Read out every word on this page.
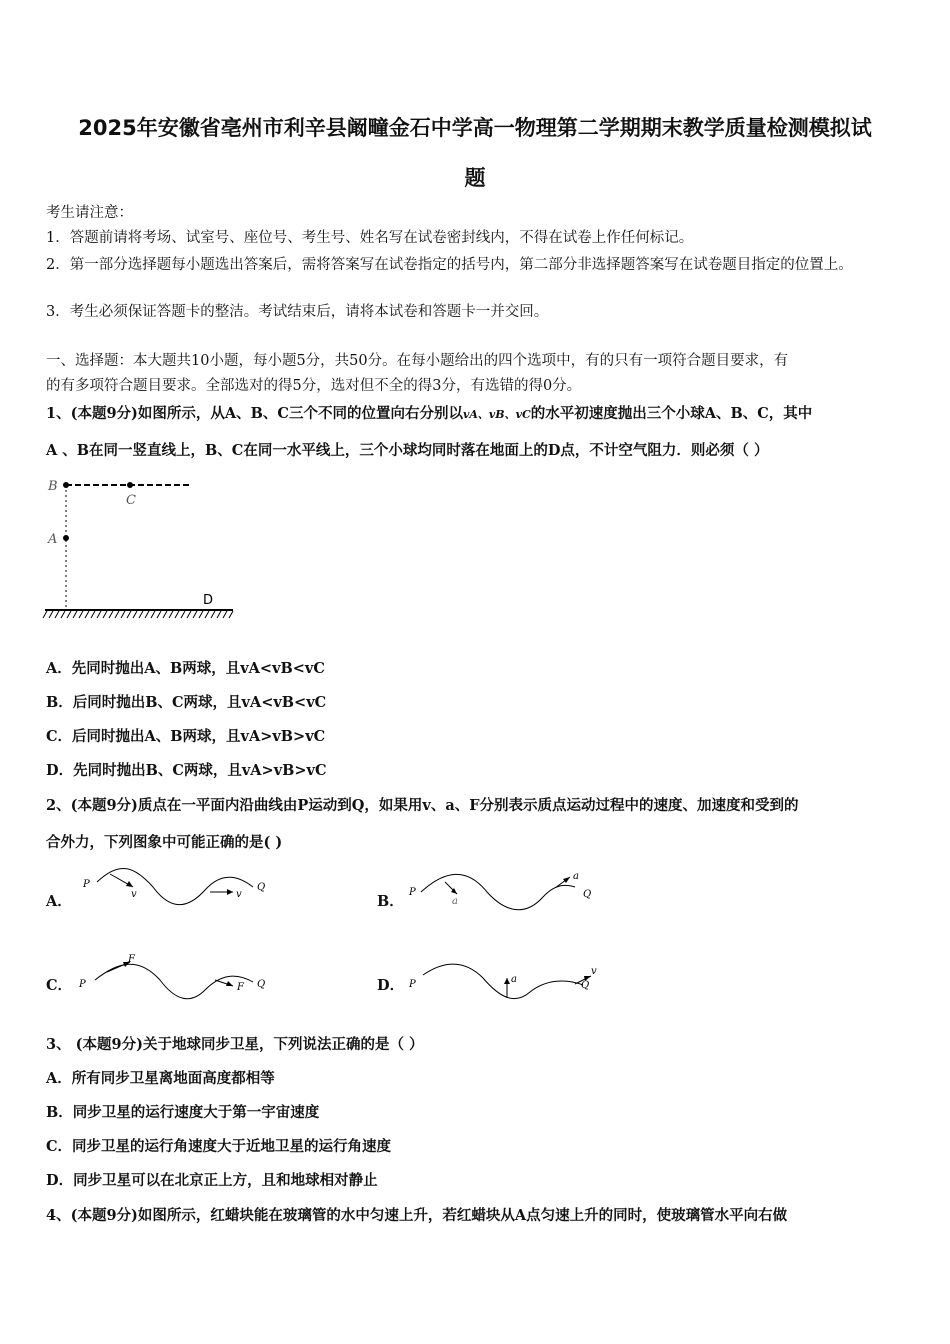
2025年安徽省亳州市利辛县阚疃金石中学高一物理第二学期期末教学质量检测模拟试
题
考生请注意：
1．答题前请将考场、试室号、座位号、考生号、姓名写在试卷密封线内，不得在试卷上作任何标记。
2．第一部分选择题每小题选出答案后，需将答案写在试卷指定的括号内，第二部分非选择题答案写在试卷题目指定的位置上。
3．考生必须保证答题卡的整洁。考试结束后，请将本试卷和答题卡一并交回。
一、选择题：本大题共10小题，每小题5分，共50分。在每小题给出的四个选项中，有的只有一项符合题目要求，有
的有多项符合题目要求。全部选对的得5分，选对但不全的得3分，有选错的得0分。
1、(本题9分)如图所示，从A、B、C三个不同的位置向右分别以vA、vB、vC的水平初速度抛出三个小球A、B、C，其中
A 、B在同一竖直线上，B、C在同一水平线上，三个小球均同时落在地面上的D点，不计空气阻力．则必须（ ）
B
C
A
D
A．先同时抛出A、B两球，且vA<vB<vC
B．后同时抛出B、C两球，且vA<vB<vC
C．后同时抛出A、B两球，且vA>vB>vC
D．先同时抛出B、C两球，且vA>vB>vC
2、(本题9分)质点在一平面内沿曲线由P运动到Q，如果用v、a、F分别表示质点运动过程中的速度、加速度和受到的
合外力，下列图象中可能正确的是( )
A．	B．
C．	D．
P
v	v
Q	P
a
a
Q
P
F
F Q	P	a
v
Q
3、 (本题9分)关于地球同步卫星，下列说法正确的是（ ）
A．所有同步卫星离地面高度都相等
B．同步卫星的运行速度大于第一宇宙速度
C．同步卫星的运行角速度大于近地卫星的运行角速度
D．同步卫星可以在北京正上方，且和地球相对静止
4、(本题9分)如图所示，红蜡块能在玻璃管的水中匀速上升，若红蜡块从A点匀速上升的同时，使玻璃管水平向右做
